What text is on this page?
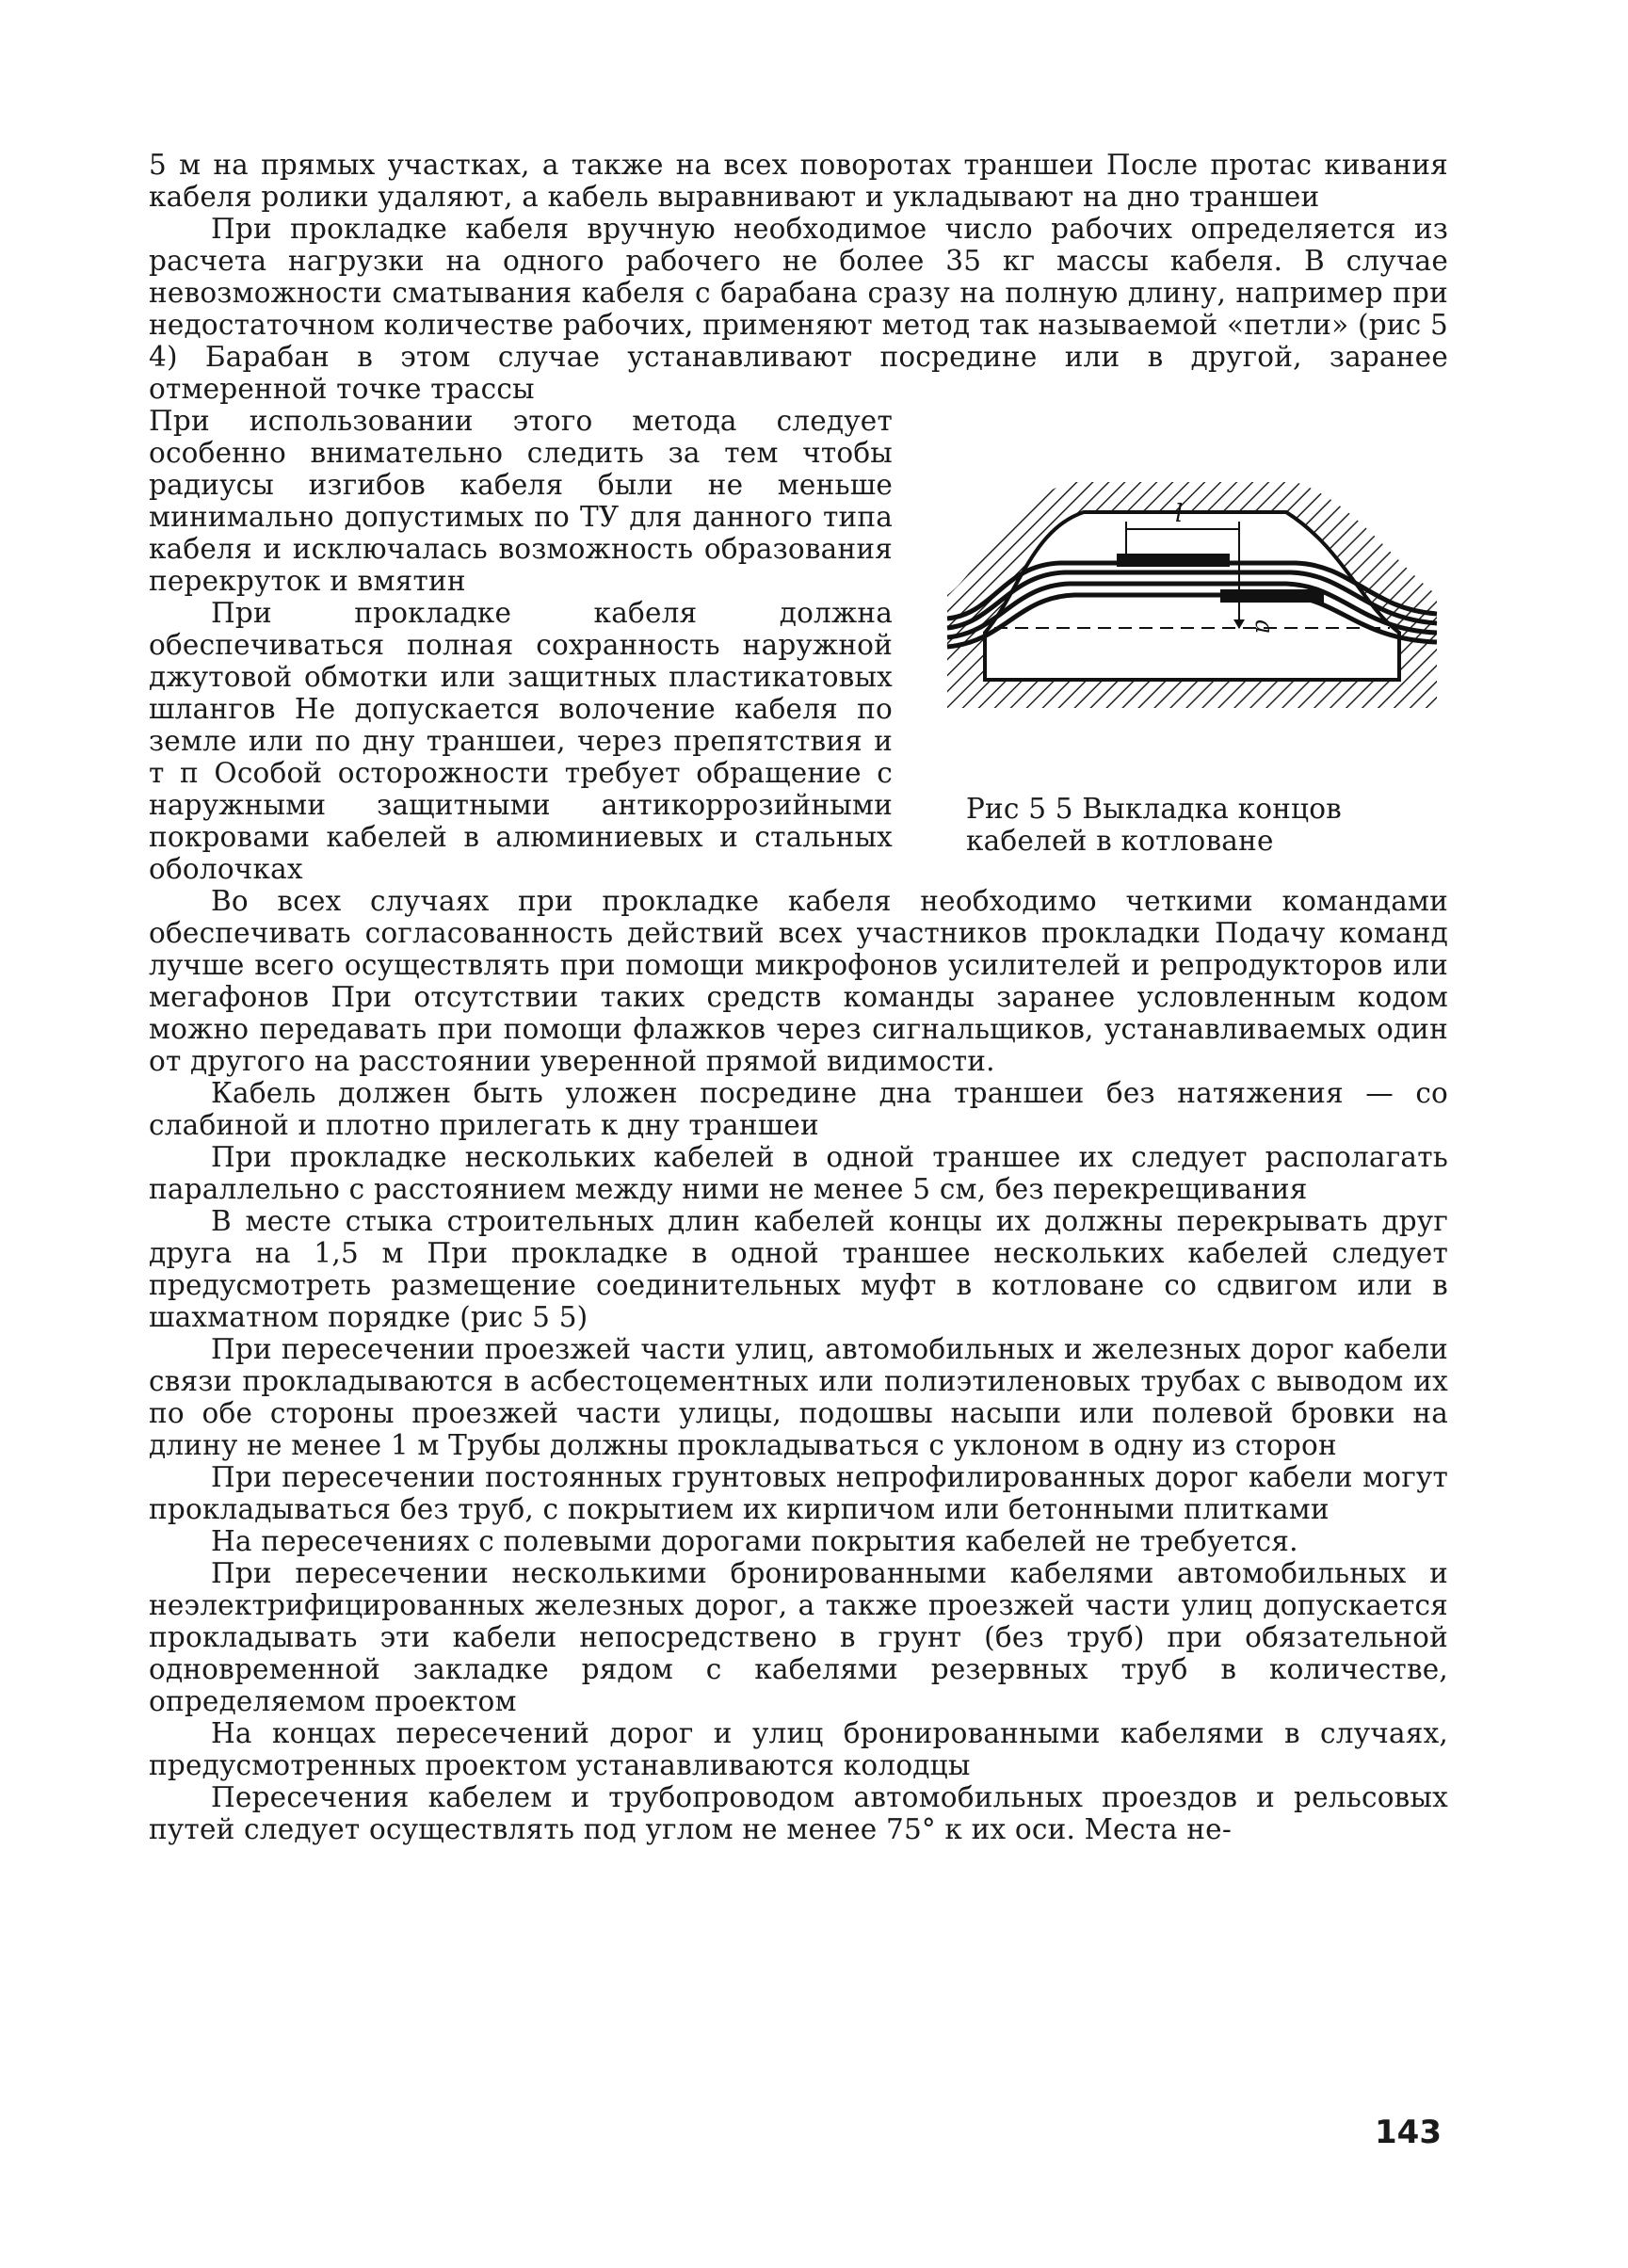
5 м на прямых участках, а также на всех поворотах траншеи После протас кивания кабеля ролики удаляют, а кабель выравнивают и укладывают на дно траншеи

При прокладке кабеля вручную необходимое число рабочих определяется из расчета нагрузки на одного рабочего не более 35 кг массы кабеля. В случае невозможности сматывания кабеля с барабана сразу на полную длину, например при недостаточном количестве рабочих, применяют метод так называемой «петли» (рис 5 4) Барабан в этом случае устанавливают посредине или в другой, заранее отмеренной точке трассы

При использовании этого метода следует особенно внимательно следить за тем чтобы радиусы изгибов кабеля были не меньше минимально допустимых по ТУ для данного типа кабеля и исключалась возможность образования перекруток и вмятин

При прокладке кабеля должна обеспечиваться полная сохранность наружной джутовой обмотки или защитных пластикатовых шлангов Не допускается волочение кабеля по земле или по дну траншеи, через препятствия и т п Особой осторожности требует обращение с наружными защитными антикоррозийными покровами кабелей в алюминиевых и стальных оболочках

l
a
Рис 5 5 Выкладка концов кабелей в котловане

Во всех случаях при прокладке кабеля необходимо четкими командами обеспечивать согласованность действий всех участников прокладки Подачу команд лучше всего осуществлять при помощи микрофонов усилителей и репродукторов или мегафонов При отсутствии таких средств команды заранее условленным кодом можно передавать при помощи флажков через сигнальщиков, устанавливаемых один от другого на расстоянии уверенной прямой видимости.

Кабель должен быть уложен посредине дна траншеи без натяжения — со слабиной и плотно прилегать к дну траншеи

При прокладке нескольких кабелей в одной траншее их следует располагать параллельно с расстоянием между ними не менее 5 см, без перекрещивания

В месте стыка строительных длин кабелей концы их должны перекрывать друг друга на 1,5 м При прокладке в одной траншее нескольких кабелей следует предусмотреть размещение соединительных муфт в котловане со сдвигом или в шахматном порядке (рис 5 5)

При пересечении проезжей части улиц, автомобильных и железных дорог кабели связи прокладываются в асбестоцементных или полиэтиленовых трубах с выводом их по обе стороны проезжей части улицы, подошвы насыпи или полевой бровки на длину не менее 1 м Трубы должны прокладываться с уклоном в одну из сторон

При пересечении постоянных грунтовых непрофилированных дорог кабели могут прокладываться без труб, с покрытием их кирпичом или бетонными плитками

На пересечениях с полевыми дорогами покрытия кабелей не требуется.

При пересечении несколькими бронированными кабелями автомобильных и неэлектрифицированных железных дорог, а также проезжей части улиц допускается прокладывать эти кабели непосредствено в грунт (без труб) при обязательной одновременной закладке рядом с кабелями резервных труб в количестве, определяемом проектом

На концах пересечений дорог и улиц бронированными кабелями в случаях, предусмотренных проектом устанавливаются колодцы

Пересечения кабелем и трубопроводом автомобильных проездов и рельсовых путей следует осуществлять под углом не менее 75° к их оси. Места не-

143
